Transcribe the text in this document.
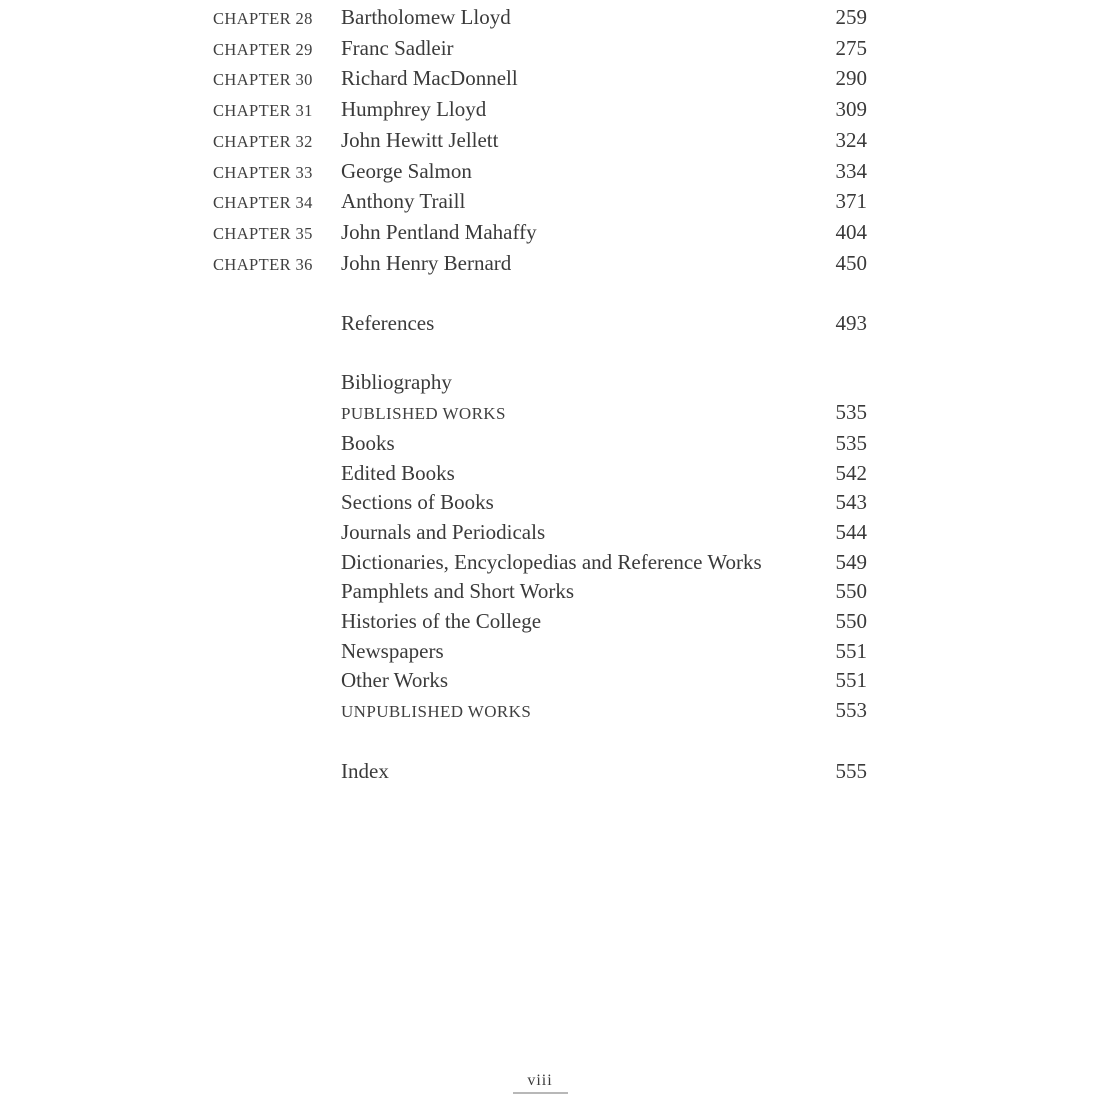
CHAPTER 28	Bartholomew Lloyd	259
CHAPTER 29	Franc Sadleir	275
CHAPTER 30	Richard MacDonnell	290
CHAPTER 31	Humphrey Lloyd	309
CHAPTER 32	John Hewitt Jellett	324
CHAPTER 33	George Salmon	334
CHAPTER 34	Anthony Traill	371
CHAPTER 35	John Pentland Mahaffy	404
CHAPTER 36	John Henry Bernard	450
References	493
Bibliography
PUBLISHED WORKS	535
Books	535
Edited Books	542
Sections of Books	543
Journals and Periodicals	544
Dictionaries, Encyclopedias and Reference Works	549
Pamphlets and Short Works	550
Histories of the College	550
Newspapers	551
Other Works	551
UNPUBLISHED WORKS	553
Index	555
viii
